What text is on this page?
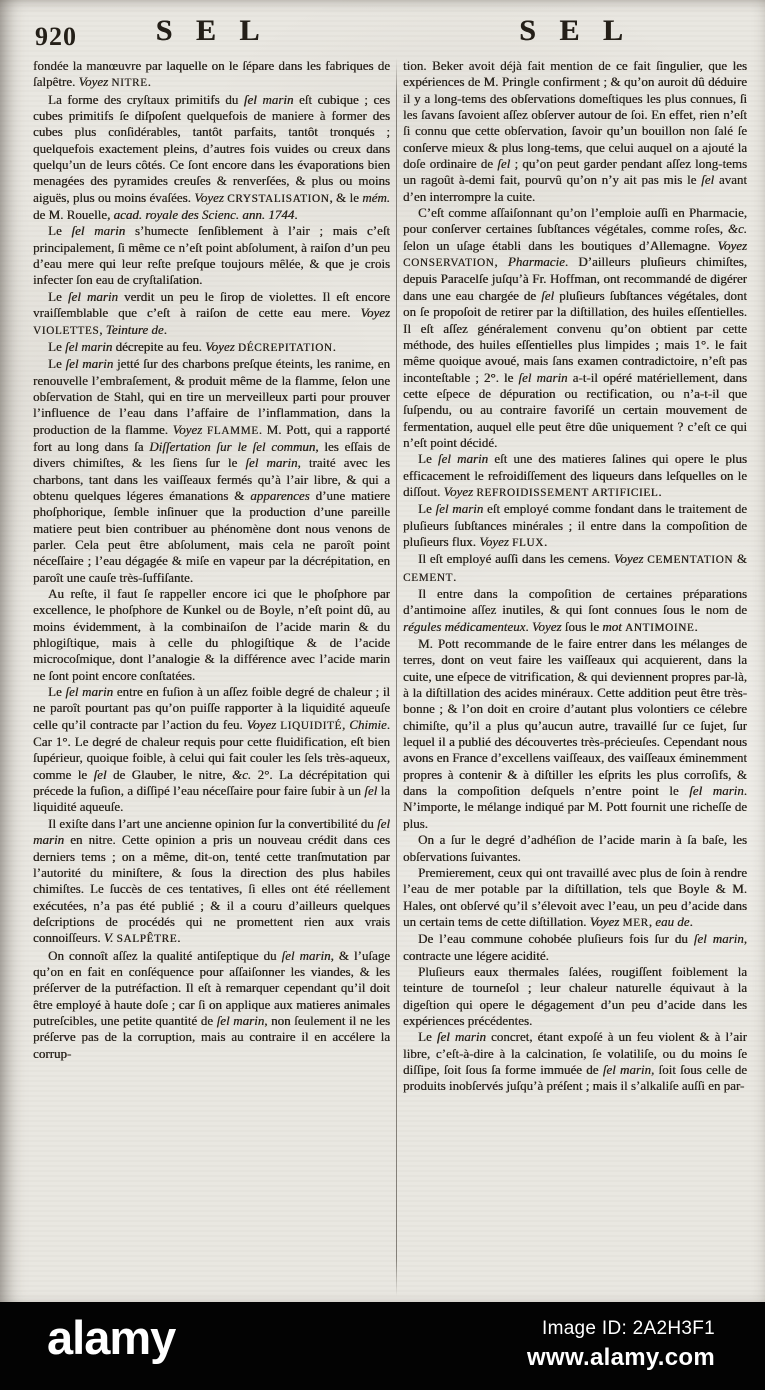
920	S E L	S E L

fondée la manœuvre par laquelle on le ſépare dans les fabriques de ſalpêtre. Voyez NITRE.

La forme des cryſtaux primitifs du ſel marin eſt cubique ; ces cubes primitifs ſe diſpoſent quelquefois de maniere à former des cubes plus conſidérables, tantôt parfaits, tantôt tronqués ; quelquefois exactement pleins, d’autres fois vuides ou creux dans quelqu’un de leurs côtés. Ce ſont encore dans les évaporations bien menagées des pyramides creuſes & renverſées, & plus ou moins aiguës, plus ou moins évaſées. Voyez CRYSTALISATION, & le mém. de M. Rouelle, acad. royale des Scienc. ann. 1744.

Le ſel marin s’humecte ſenſiblement à l’air ; mais c’eſt principalement, ſi même ce n’eſt point abſolument, à raiſon d’un peu d’eau mere qui leur reſte preſque toujours mêlée, & que je crois infecter ſon eau de cryſtaliſation.

Le ſel marin verdit un peu le ſirop de violettes. Il eſt encore vraiſſemblable que c’eſt à raiſon de cette eau mere. Voyez VIOLETTES, Teinture de.

Le ſel marin décrepite au feu. Voyez DÉCREPITATION.

Le ſel marin jetté ſur des charbons preſque éteints, les ranime, en renouvelle l’embraſement, & produit même de la flamme, ſelon une obſervation de Stahl, qui en tire un merveilleux parti pour prouver l’influence de l’eau dans l’affaire de l’inflammation, dans la production de la flamme. Voyez FLAMME. M. Pott, qui a rapporté fort au long dans ſa Diſſertation ſur le ſel commun, les eſſais de divers chimiſtes, & les ſiens ſur le ſel marin, traité avec les charbons, tant dans les vaiſſeaux fermés qu’à l’air libre, & qui a obtenu quelques légeres émanations & apparences d’une matiere phoſphorique, ſemble inſinuer que la production d’une pareille matiere peut bien contribuer au phénomène dont nous venons de parler. Cela peut être abſolument, mais cela ne paroît point néceſſaire ; l’eau dégagée & miſe en vapeur par la décrépitation, en paroît une cauſe très-ſuffiſante.

Au reſte, il faut ſe rappeller encore ici que le phoſphore par excellence, le phoſphore de Kunkel ou de Boyle, n’eſt point dû, au moins évidemment, à la combinaiſon de l’acide marin & du phlogiſtique, mais à celle du phlogiſtique & de l’acide microcoſmique, dont l’analogie & la différence avec l’acide marin ne ſont point encore conſtatées.

Le ſel marin entre en fuſion à un aſſez foible degré de chaleur ; il ne paroît pourtant pas qu’on puiſſe rapporter à la liquidité aqueuſe celle qu’il contracte par l’action du feu. Voyez LIQUIDITÉ, Chimie. Car 1°. Le degré de chaleur requis pour cette fluidification, eſt bien ſupérieur, quoique foible, à celui qui fait couler les ſels très-aqueux, comme le ſel de Glauber, le nitre, &c. 2°. La décrépitation qui précede la fuſion, a diſſipé l’eau néceſſaire pour faire ſubir à un ſel la liquidité aqueuſe.

Il exiſte dans l’art une ancienne opinion ſur la convertibilité du ſel marin en nitre. Cette opinion a pris un nouveau crédit dans ces derniers tems ; on a même, dit-on, tenté cette tranſmutation par l’autorité du miniſtere, & ſous la direction des plus habiles chimiſtes. Le ſuccès de ces tentatives, ſi elles ont été réellement exécutées, n’a pas été publié ; & il a couru d’ailleurs quelques deſcriptions de procédés qui ne promettent rien aux vrais connoiſſeurs. V. SALPÊTRE.

On connoît aſſez la qualité antiſeptique du ſel marin, & l’uſage qu’on en fait en conſéquence pour aſſaiſonner les viandes, & les préſerver de la putréfaction. Il eſt à remarquer cependant qu’il doit être employé à haute doſe ; car ſi on applique aux matieres animales putreſcibles, une petite quantité de ſel marin, non ſeulement il ne les préſerve pas de la corruption, mais au contraire il en accélere la corrup-

tion. Beker avoit déjà fait mention de ce fait ſingulier, que les expériences de M. Pringle confirment ; & qu’on auroit dû déduire il y a long-tems des obſervations domeſtiques les plus connues, ſi les ſavans ſavoient aſſez obſerver autour de ſoi. En effet, rien n’eſt ſi connu que cette obſervation, ſavoir qu’un bouillon non ſalé ſe conſerve mieux & plus long-tems, que celui auquel on a ajouté la doſe ordinaire de ſel ; qu’on peut garder pendant aſſez long-tems un ragoût à-demi fait, pourvû qu’on n’y ait pas mis le ſel avant d’en interrompre la cuite.

C’eſt comme aſſaiſonnant qu’on l’emploie auſſi en Pharmacie, pour conſerver certaines ſubſtances végétales, comme roſes, &c. ſelon un uſage établi dans les boutiques d’Allemagne. Voyez CONSERVATION, Pharmacie. D’ailleurs pluſieurs chimiſtes, depuis Paracelſe juſqu’à Fr. Hoffman, ont recommandé de digérer dans une eau chargée de ſel pluſieurs ſubſtances végétales, dont on ſe propoſoit de retirer par la diſtillation, des huiles eſſentielles. Il eſt aſſez généralement convenu qu’on obtient par cette méthode, des huiles eſſentielles plus limpides ; mais 1°. le fait même quoique avoué, mais ſans examen contradictoire, n’eſt pas inconteſtable ; 2°. le ſel marin a-t-il opéré matériellement, dans cette eſpece de dépuration ou rectification, ou n’a-t-il que ſuſpendu, ou au contraire favoriſé un certain mouvement de fermentation, auquel elle peut être dûe uniquement ? c’eſt ce qui n’eſt point décidé.

Le ſel marin eſt une des matieres ſalines qui opere le plus efficacement le refroidiſſement des liqueurs dans leſquelles on le diſſout. Voyez REFROIDISSEMENT ARTIFICIEL.

Le ſel marin eſt employé comme fondant dans le traitement de pluſieurs ſubſtances minérales ; il entre dans la compoſition de pluſieurs flux. Voyez FLUX.

Il eſt employé auſſi dans les cemens. Voyez CEMENTATION & CEMENT.

Il entre dans la compoſition de certaines préparations d’antimoine aſſez inutiles, & qui ſont connues ſous le nom de régules médicamenteux. Voyez ſous le mot ANTIMOINE.

M. Pott recommande de le faire entrer dans les mélanges de terres, dont on veut faire les vaiſſeaux qui acquierent, dans la cuite, une eſpece de vitrification, & qui deviennent propres par-là, à la diſtillation des acides minéraux. Cette addition peut être très-bonne ; & l’on doit en croire d’autant plus volontiers ce célebre chimiſte, qu’il a plus qu’aucun autre, travaillé ſur ce ſujet, ſur lequel il a publié des découvertes très-précieuſes. Cependant nous avons en France d’excellens vaiſſeaux, des vaiſſeaux éminemment propres à contenir & à diſtiller les eſprits les plus corroſifs, & dans la compoſition deſquels n’entre point le ſel marin. N’importe, le mélange indiqué par M. Pott fournit une richeſſe de plus.

On a ſur le degré d’adhéſion de l’acide marin à ſa baſe, les obſervations ſuivantes.

Premierement, ceux qui ont travaillé avec plus de ſoin à rendre l’eau de mer potable par la diſtillation, tels que Boyle & M. Hales, ont obſervé qu’il s’élevoit avec l’eau, un peu d’acide dans un certain tems de cette diſtillation. Voyez MER, eau de.

De l’eau commune cohobée pluſieurs fois ſur du ſel marin, contracte une légere acidité.

Pluſieurs eaux thermales ſalées, rougiſſent foiblement la teinture de tourneſol ; leur chaleur naturelle équivaut à la digeſtion qui opere le dégagement d’un peu d’acide dans les expériences précédentes.

Le ſel marin concret, étant expoſé à un feu violent & à l’air libre, c’eſt-à-dire à la calcination, ſe volatiliſe, ou du moins ſe diſſipe, ſoit ſous ſa forme immuée de ſel marin, ſoit ſous celle de produits inobſervés juſqu’à préſent ; mais il s’alkaliſe auſſi en par-

alamy	Image ID: 2A2H3F1
www.alamy.com
